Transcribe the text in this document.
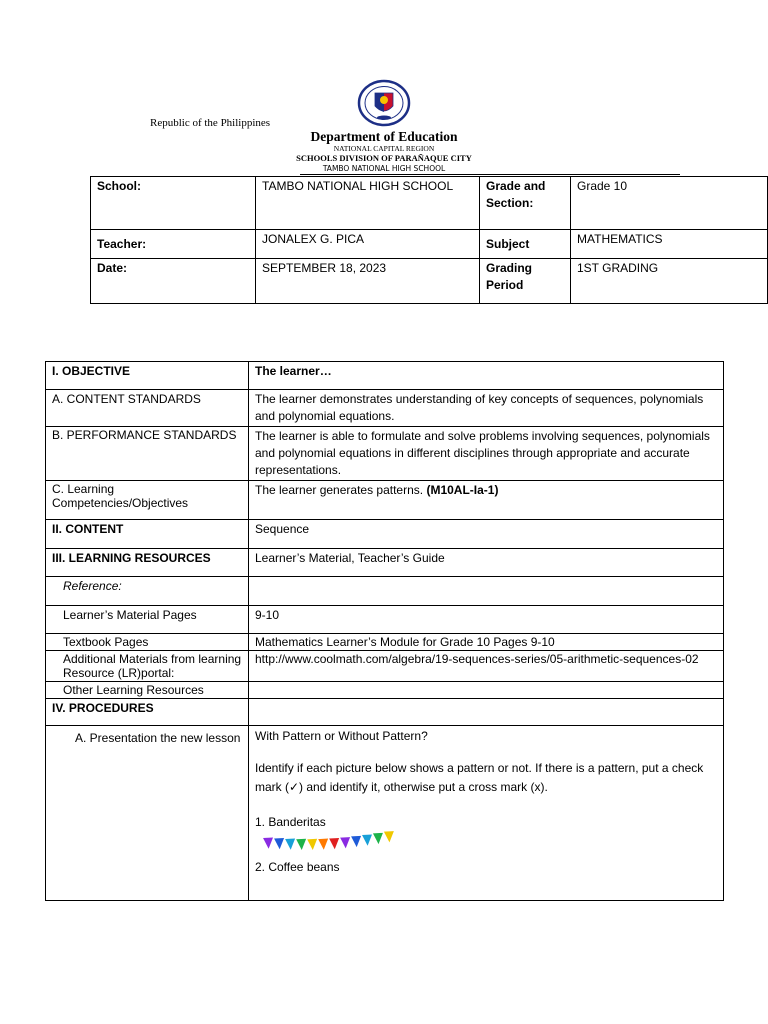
Republic of the Philippines
Department of Education
NATIONAL CAPITAL REGION
SCHOOLS DIVISION OF PARAÑAQUE CITY
TAMBO NATIONAL HIGH SCHOOL
School:	TAMBO NATIONAL HIGH SCHOOL	Grade and Section:	Grade 10
Teacher:	JONALEX G. PICA	Subject	MATHEMATICS
Date:	SEPTEMBER 18, 2023	Grading Period	1ST GRADING
I. OBJECTIVE	The learner…
A. CONTENT STANDARDS	The learner demonstrates understanding of key concepts of sequences, polynomials and polynomial equations.
B. PERFORMANCE STANDARDS	The learner is able to formulate and solve problems involving sequences, polynomials and polynomial equations in different disciplines through appropriate and accurate representations.
C. Learning Competencies/Objectives	The learner generates patterns. (M10AL-Ia-1)
II. CONTENT	Sequence
III. LEARNING RESOURCES	Learner’s Material, Teacher’s Guide
Reference:	
Learner’s Material Pages	9-10
Textbook Pages	Mathematics Learner’s Module for Grade 10 Pages 9-10
Additional Materials from learning Resource (LR)portal:	http://www.coolmath.com/algebra/19-sequences-series/05-arithmetic-sequences-02
Other Learning Resources	
IV. PROCEDURES	
A. Presentation the new lesson	With Pattern or Without Pattern?
Identify if each picture below shows a pattern or not. If there is a pattern, put a check mark (✓) and identify it, otherwise put a cross mark (x).
1. Banderitas
2. Coffee beans
